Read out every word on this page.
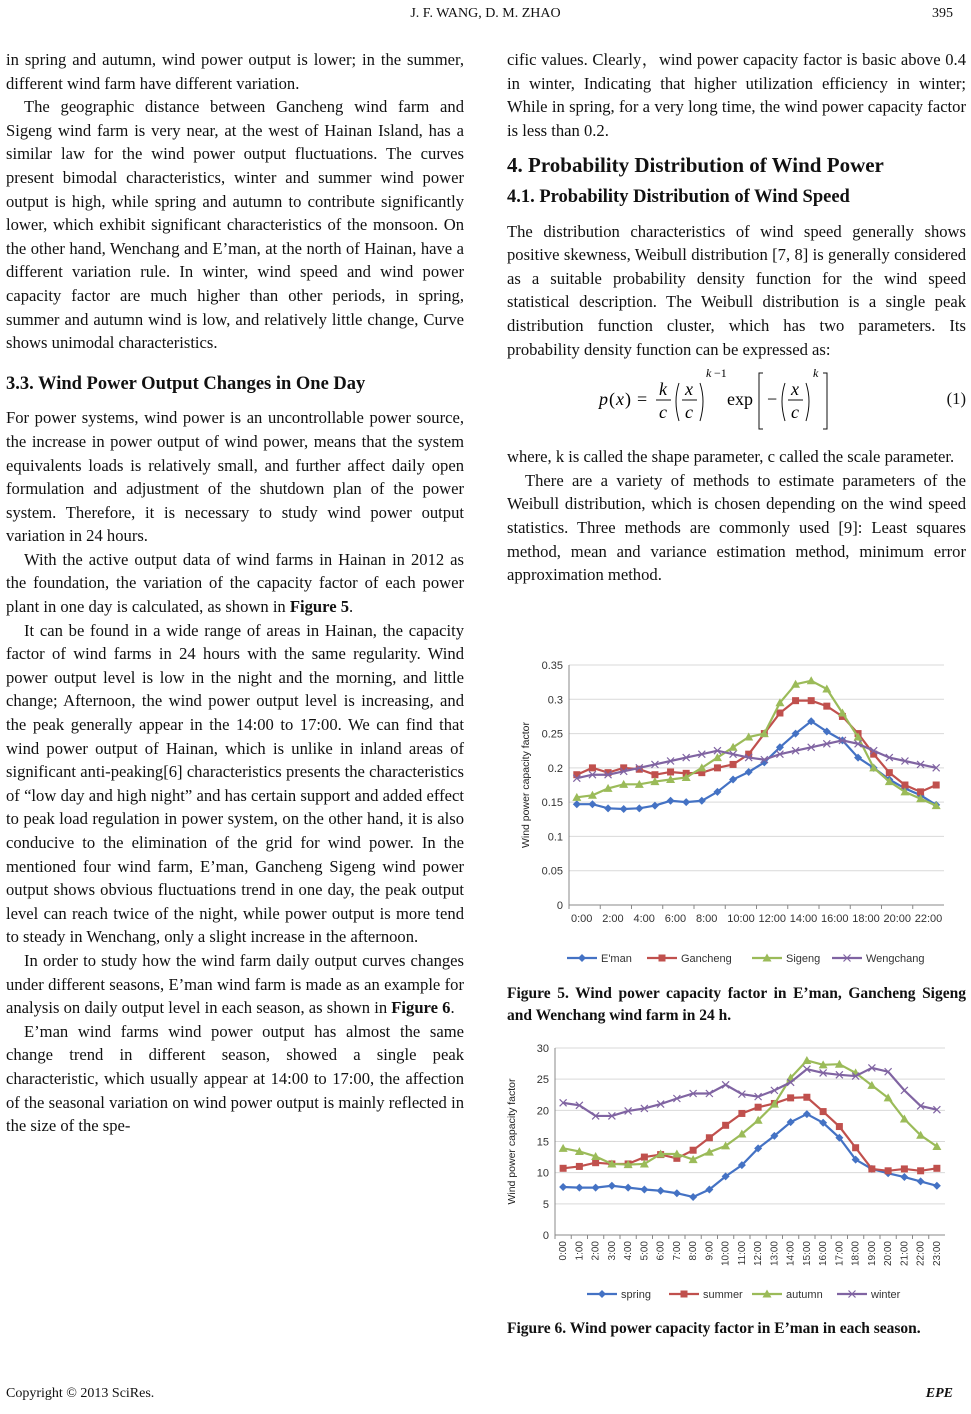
J. F. WANG, D. M. ZHAO	395

in spring and autumn, wind power output is lower; in the summer, different wind farm have different variation.

The geographic distance between Gancheng wind farm and Sigeng wind farm is very near, at the west of Hainan Island, has a similar law for the wind power output fluctuations. The curves present bimodal characteristics, winter and summer wind power output is high, while spring and autumn to contribute significantly lower, which exhibit significant characteristics of the monsoon. On the other hand, Wenchang and E’man, at the north of Hainan, have a different variation rule. In winter, wind speed and wind power capacity factor are much higher than other periods, in spring, summer and autumn wind is low, and relatively little change, Curve shows unimodal characteristics.

3.3. Wind Power Output Changes in One Day

For power systems, wind power is an uncontrollable power source, the increase in power output of wind power, means that the system equivalents loads is relatively small, and further affect daily open formulation and adjustment of the shutdown plan of the power system. Therefore, it is necessary to study wind power output variation in 24 hours.

With the active output data of wind farms in Hainan in 2012 as the foundation, the variation of the capacity factor of each power plant in one day is calculated, as shown in Figure 5.

It can be found in a wide range of areas in Hainan, the capacity factor of wind farms in 24 hours with the same regularity. Wind power output level is low in the night and the morning, and little change; Afternoon, the wind power output level is increasing, and the peak generally appear in the 14:00 to 17:00. We can find that wind power output of Hainan, which is unlike in inland areas of significant anti-peaking[6] characteristics presents the characteristics of “low day and high night” and has certain support and added effect to peak load regulation in power system, on the other hand, it is also conducive to the elimination of the grid for wind power. In the mentioned four wind farm, E’man, Gancheng Sigeng wind power output shows obvious fluctuations trend in one day, the peak output level can reach twice of the night, while power output is more tend to steady in Wenchang, only a slight increase in the afternoon.

In order to study how the wind farm daily output curves changes under different seasons, E’man wind farm is made as an example for analysis on daily output level in each season, as shown in Figure 6.

E’man wind farms wind power output has almost the same change trend in different season, showed a single peak characteristic, which usually appear at 14:00 to 17:00, the affection of the seasonal variation on wind power output is mainly reflected in the size of the spe-

cific values. Clearly，wind power capacity factor is basic above 0.4 in winter, Indicating that higher utilization efficiency in winter; While in spring, for a very long time, the wind power capacity factor is less than 0.2.

4. Probability Distribution of Wind Power
4.1. Probability Distribution of Wind Speed

The distribution characteristics of wind speed generally shows positive skewness, Weibull distribution [7, 8] is generally considered as a suitable probability density function for the wind speed statistical description. The Weibull distribution is a single peak distribution function cluster, which has two parameters. Its probability density function can be expressed as:

p ( x ) = k
c
x
c
k −1
exp − x
c
k
(1)

where, k is called the shape parameter, c called the scale parameter.

There are a variety of methods to estimate parameters of the Weibull distribution, which is chosen depending on the wind speed statistics. Three methods are commonly used [9]: Least squares method, mean and variance estimation method, minimum error approximation method.

0
0.05
0.1
0.15
0.2
0.25
0.3
0.35
Wind power capacity factor
0:00 2:00 4:00 6:00 8:00 10:00 12:00 14:00 16:00 18:00 20:00 22:00
E'man	Gancheng	Sigeng	Wengchang
Figure 5. Wind power capacity factor in E’man, Gancheng Sigeng and Wenchang wind farm in 24 h.
0
5
10
15
20
25
30
Wind power capacity factor
0:00 1:00 2:00 3:00 4:00 5:00 6:00 7:00 8:00 9:00 10:00 11:00 12:00 13:00 14:00 15:00 16:00 17:00 18:00 19:00 20:00 21:00 22:00 23:00
spring	summer	autumn	winter
Figure 6. Wind power capacity factor in E’man in each season.
Copyright © 2013 SciRes.	EPE
